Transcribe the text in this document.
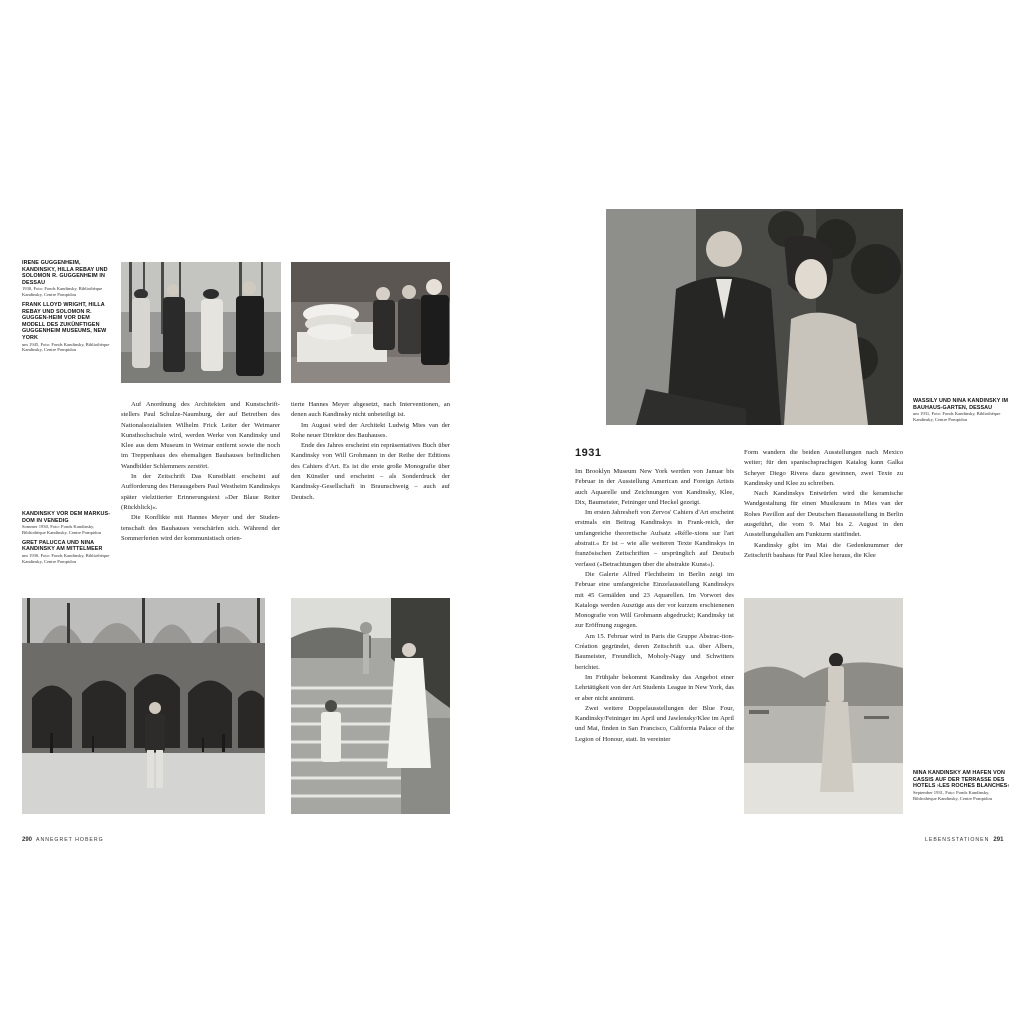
IRENE GUGGENHEIM, KANDINSKY, HILLA REBAY UND SOLOMON R. GUGGENHEIM IN DESSAU
1930, Foto: Fonds Kandinsky, Bibliothèque Kandinsky, Centre Pompidou
FRANK LLOYD WRIGHT, HILLA REBAY UND SOLOMON R. GUGGEN-HEIM VOR DEM MODELL DES ZUKÜNFTIGEN GUGGENHEIM MUSEUMS, NEW YORK
um 1945, Foto: Fonds Kandinsky, Bibliothèque Kandinsky, Centre Pompidou
KANDINSKY VOR DEM MARKUS-DOM IN VENEDIG
Sommer 1930, Foto: Fonds Kandinsky, Bibliothèque Kandinsky, Centre Pompidou
GRET PALUCCA UND NINA KANDINSKY AM MITTELMEER
um 1930, Foto: Fonds Kandinsky, Bibliothèque Kandinsky, Centre Pompidou

Auf Anordnung des Architekten und Kunstschrift-stellers Paul Schulze-Naumburg, der auf Betreiben des Nationalsozialisten Wilhelm Frick Leiter der Weimarer Kunsthochschule wird, werden Werke von Kandinsky und Klee aus dem Museum in Weimar entfernt sowie die noch im Treppenhaus des ehemaligen Bauhauses befindlichen Wandbilder Schlemmers zerstört.

In der Zeitschrift Das Kunstblatt erscheint auf Aufforderung des Herausgebers Paul Westheim Kandinskys später vielzitierter Erinnerungstext »Der Blaue Reiter (Rückblick)«.

Die Konflikte mit Hannes Meyer und der Studen-tenschaft des Bauhauses verschärfen sich. Während der Sommerferien wird der kommunistisch orien-

tierte Hannes Meyer abgesetzt, nach Interventionen, an denen auch Kandinsky nicht unbeteiligt ist.

Im August wird der Architekt Ludwig Mies van der Rohe neuer Direktor des Bauhauses.

Ende des Jahres erscheint ein repräsentatives Buch über Kandinsky von Will Grohmann in der Reihe der Editions des Cahiers d'Art. Es ist die erste große Monografie über den Künstler und erscheint – als Sonderdruck der Kandinsky-Gesellschaft in Braunschweig – auch auf Deutsch.

290 ANNEGRET HOBERG
WASSILY UND NINA KANDINSKY IM BAUHAUS-GARTEN, DESSAU
um 1931, Foto: Fonds Kandinsky, Bibliothèque Kandinsky, Centre Pompidou
1931

Im Brooklyn Museum New York werden von Januar bis Februar in der Ausstellung American and Foreign Artists auch Aquarelle und Zeichnungen von Kandinsky, Klee, Dix, Baumeister, Feininger und Heckel gezeigt.

Im ersten Jahresheft von Zervos' Cahiers d'Art erscheint erstmals ein Beitrag Kandinskys in Frank-reich, der umfangreiche theoretische Aufsatz »Réfle-xions sur l'art abstrait.« Er ist – wie alle weiteren Texte Kandinskys in französischen Zeitschriften – ursprünglich auf Deutsch verfasst (»Betrachtungen über die abstrakte Kunst«).

Die Galerie Alfred Flechtheim in Berlin zeigt im Februar eine umfangreiche Einzelausstellung Kandinskys mit 45 Gemälden und 23 Aquarellen. Im Vorwort des Katalogs werden Auszüge aus der vor kurzem erschienenen Monografie von Will Grohmann abgedruckt; Kandinsky ist zur Eröffnung zugegen.

Am 15. Februar wird in Paris die Gruppe Abstrac-tion-Création gegründet, deren Zeitschrift u.a. über Albers, Baumeister, Freundlich, Moholy-Nagy und Schwitters berichtet.

Im Frühjahr bekommt Kandinsky das Angebot einer Lehrtätigkeit von der Art Students League in New York, das er aber nicht annimmt.

Zwei weitere Doppelausstellungen der Blue Four, Kandinsky/Feininger im April und Jawlensky/Klee im April und Mai, finden in San Francisco, California Palace of the Legion of Honour, statt. In vereinter

Form wandern die beiden Ausstellungen nach Mexico weiter; für den spanischsprachigen Katalog kann Galka Scheyer Diego Rivera dazu gewinnen, zwei Texte zu Kandinsky und Klee zu schreiben.

Nach Kandinskys Entwürfen wird die keramische Wandgestaltung für einen Musikraum in Mies van der Rohes Pavillon auf der Deutschen Bauausstellung in Berlin ausgeführt, die vom 9. Mai bis 2. August in den Ausstellungshallen am Funkturm stattfindet.

Kandinsky gibt im Mai die Gedenknummer der Zeitschrift bauhaus für Paul Klee heraus, die Klee

NINA KANDINSKY AM HAFEN VON CASSIS AUF DER TERRASSE DES HOTELS ›LES ROCHES BLANCHES‹
September 1931, Foto: Fonds Kandinsky, Bibliothèque Kandinsky, Centre Pompidou
LEBENSSTATIONEN 291
